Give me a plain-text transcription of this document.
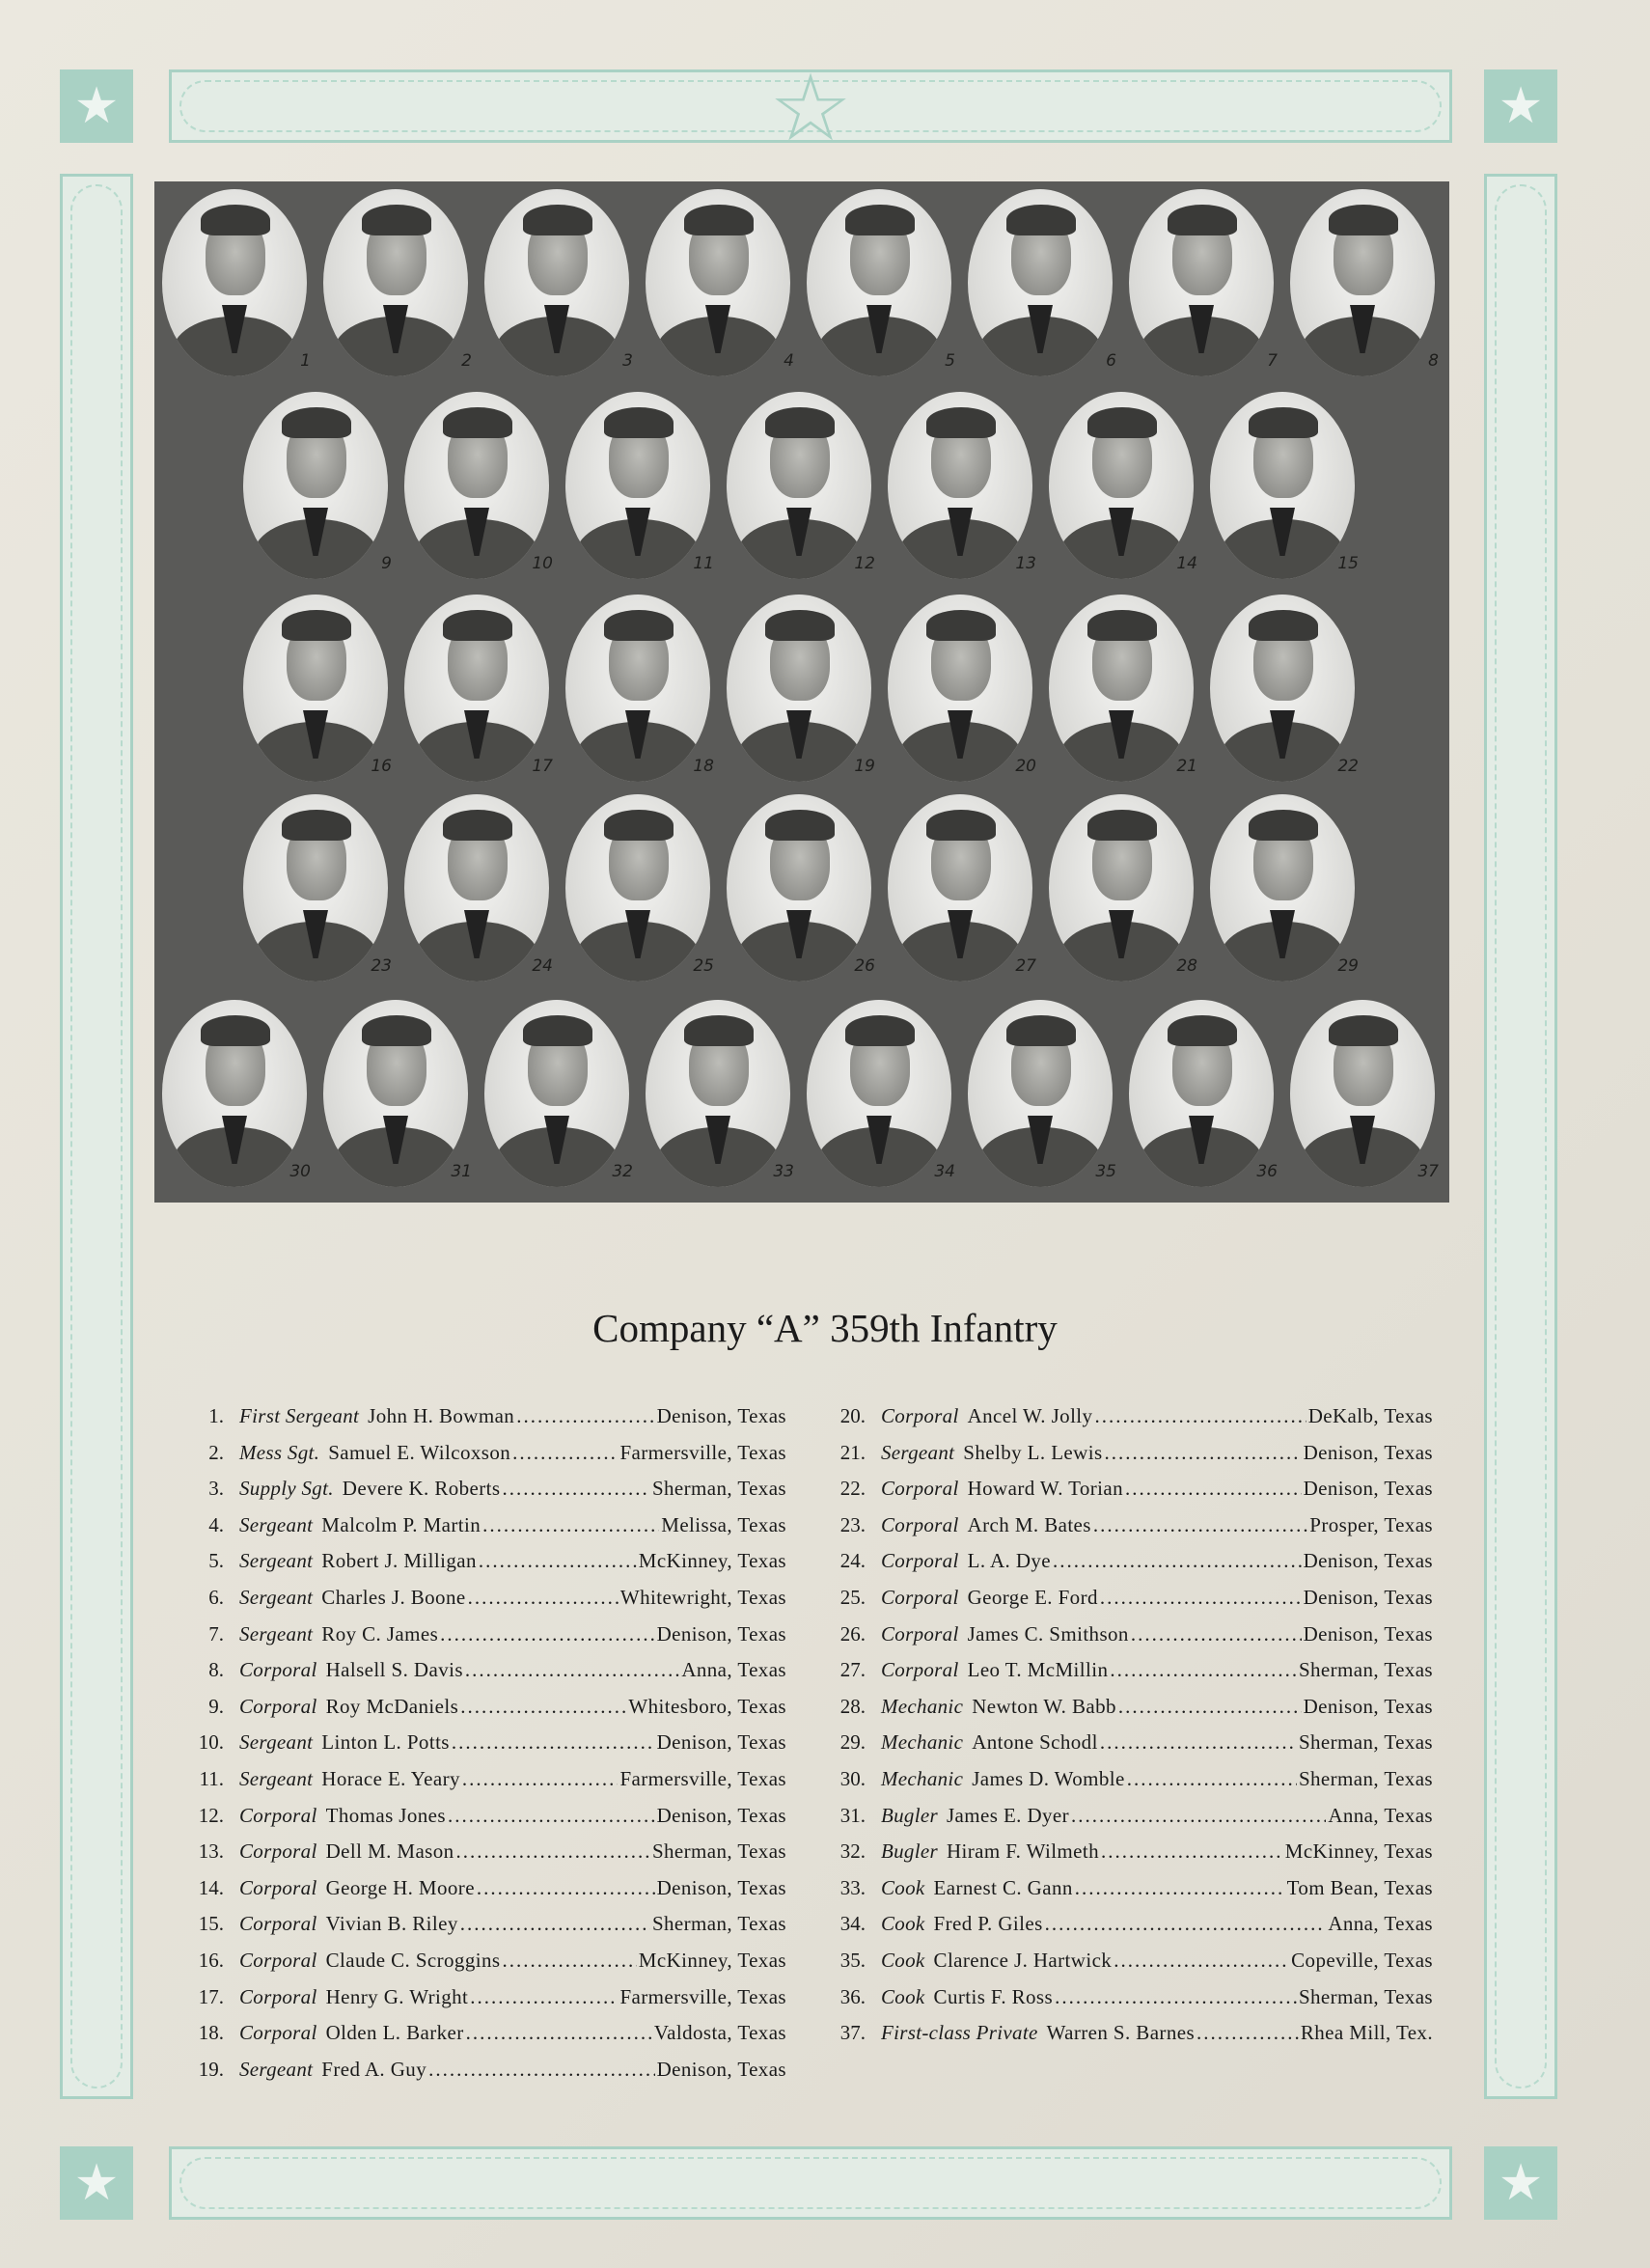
★	★
★	★
☆
1	2	3	4	5	6	7	8
9	10	11	12	13	14	15
16	17	18	19	20	21	22
23	24	25	26	27	28	29
30	31	32	33	34	35	36	37
Company “A” 359th Infantry
1. First Sergeant John H. Bowman .....	Denison, Texas
2. Mess Sgt. Samuel E. Wilcoxson .....	Farmersville, Texas
3. Supply Sgt. Devere K. Roberts .....	Sherman, Texas
4. Sergeant Malcolm P. Martin .....	Melissa, Texas
5. Sergeant Robert J. Milligan .....	McKinney, Texas
6. Sergeant Charles J. Boone .....	Whitewright, Texas
7. Sergeant Roy C. James .....	Denison, Texas
8. Corporal Halsell S. Davis .....	Anna, Texas
9. Corporal Roy McDaniels .....	Whitesboro, Texas
10. Sergeant Linton L. Potts .....	Denison, Texas
11. Sergeant Horace E. Yeary .....	Farmersville, Texas
12. Corporal Thomas Jones .....	Denison, Texas
13. Corporal Dell M. Mason .....	Sherman, Texas
14. Corporal George H. Moore .....	Denison, Texas
15. Corporal Vivian B. Riley .....	Sherman, Texas
16. Corporal Claude C. Scroggins .....	McKinney, Texas
17. Corporal Henry G. Wright .....	Farmersville, Texas
18. Corporal Olden L. Barker .....	Valdosta, Texas
19. Sergeant Fred A. Guy .....	Denison, Texas
20. Corporal Ancel W. Jolly .....	DeKalb, Texas
21. Sergeant Shelby L. Lewis .....	Denison, Texas
22. Corporal Howard W. Torian .....	Denison, Texas
23. Corporal Arch M. Bates .....	Prosper, Texas
24. Corporal L. A. Dye .....	Denison, Texas
25. Corporal George E. Ford .....	Denison, Texas
26. Corporal James C. Smithson .....	Denison, Texas
27. Corporal Leo T. McMillin .....	Sherman, Texas
28. Mechanic Newton W. Babb .....	Denison, Texas
29. Mechanic Antone Schodl .....	Sherman, Texas
30. Mechanic James D. Womble .....	Sherman, Texas
31. Bugler James E. Dyer .....	Anna, Texas
32. Bugler Hiram F. Wilmeth .....	McKinney, Texas
33. Cook Earnest C. Gann .....	Tom Bean, Texas
34. Cook Fred P. Giles .....	Anna, Texas
35. Cook Clarence J. Hartwick .....	Copeville, Texas
36. Cook Curtis F. Ross .....	Sherman, Texas
37. First-class Private Warren S. Barnes .....	Rhea Mill, Tex.
